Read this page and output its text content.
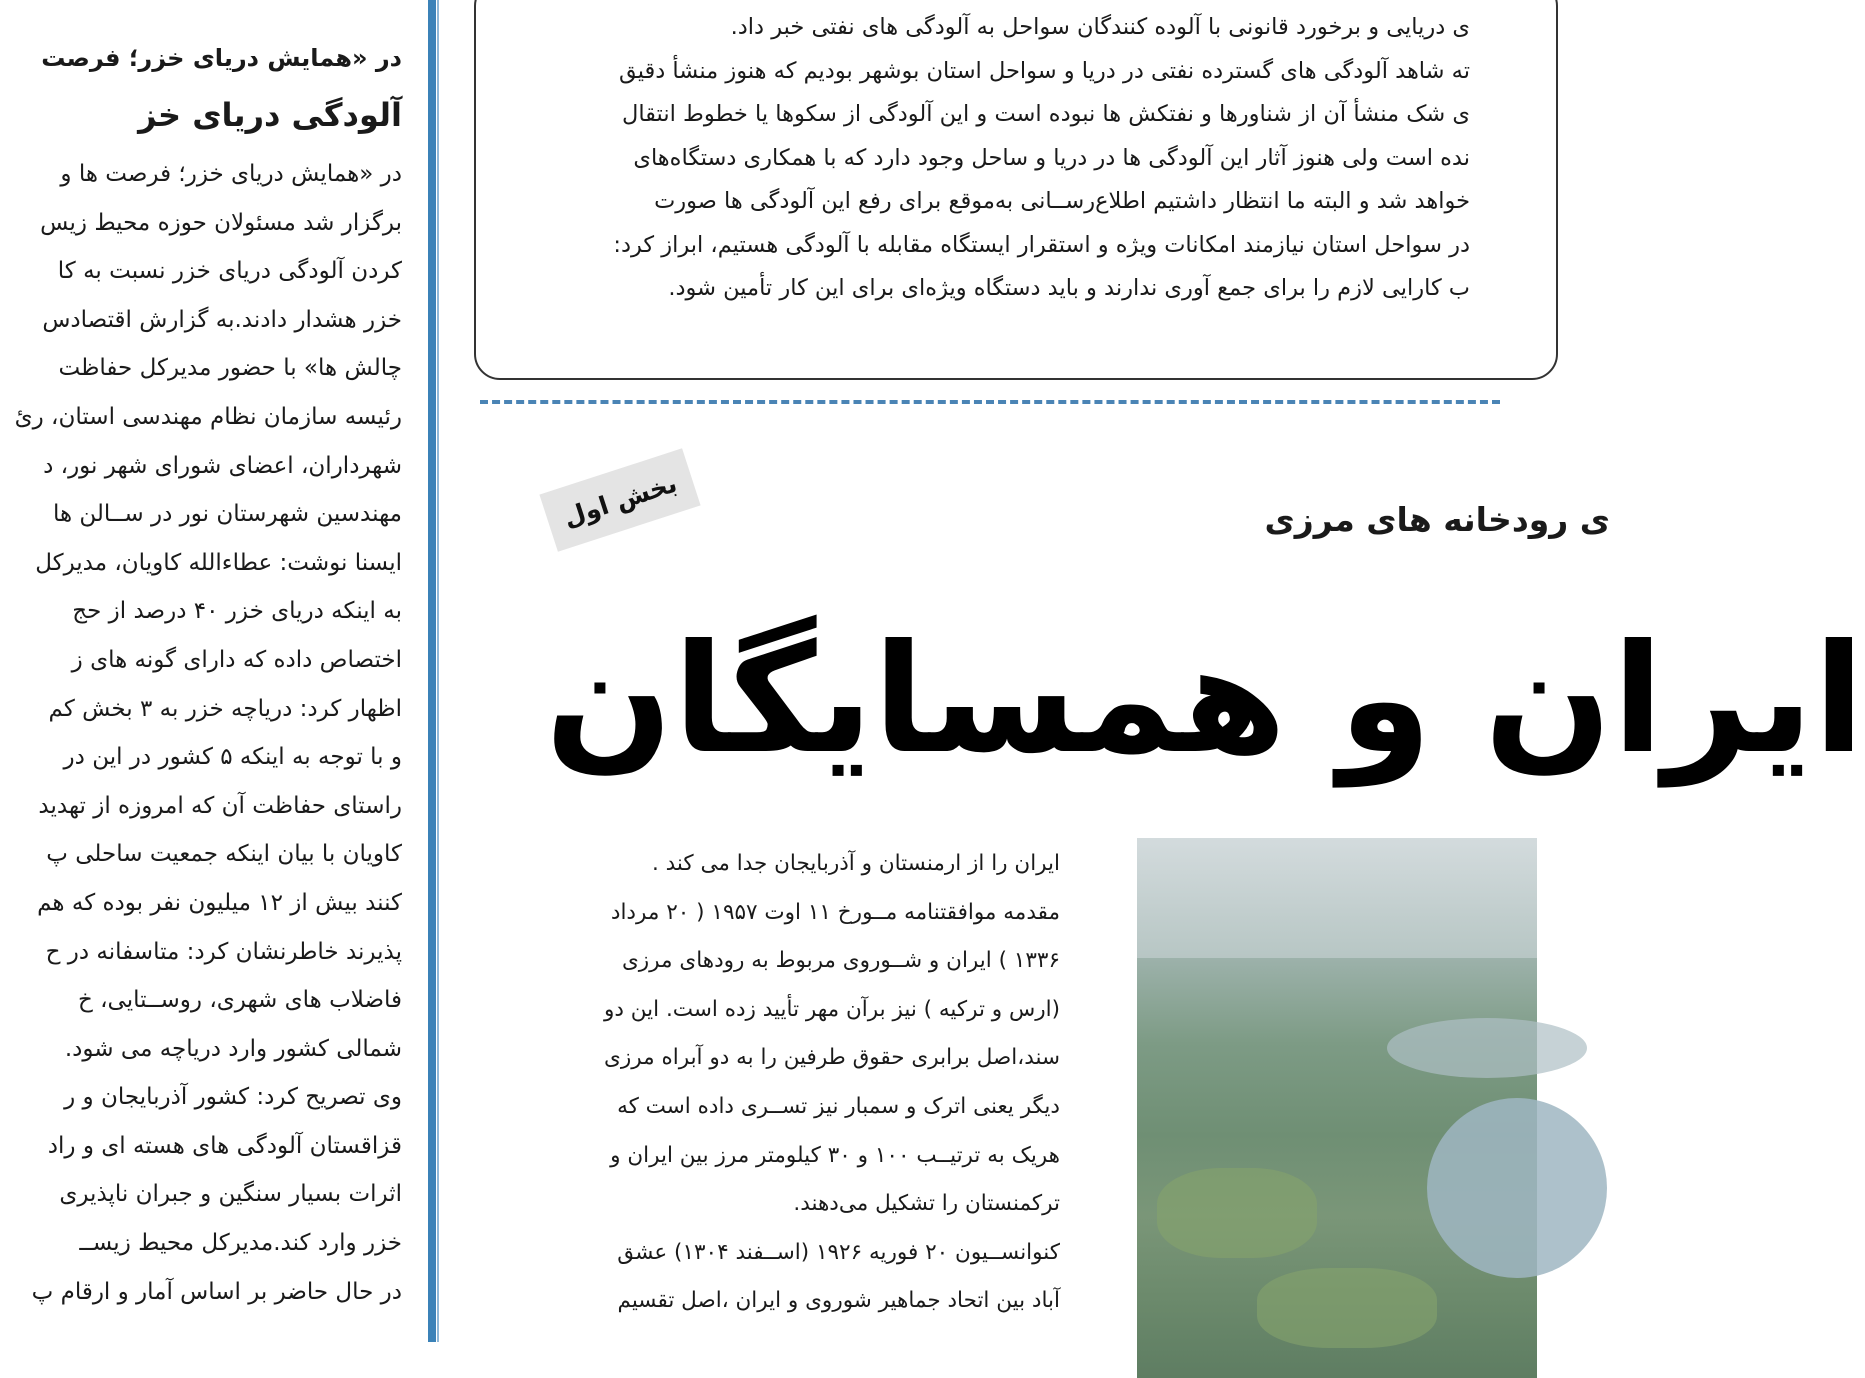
در «همایش دریای خزر؛ فرصت
آلودگی دریای خز
در «همایش دریای خزر؛ فرصت ها و
برگزار شد مسئولان حوزه محیط زیس
کردن آلودگی دریای خزر نسبت به کا
خزر هشدار دادند.به گزارش اقتصادس
چالش ها» با حضور مدیرکل حفاظت
رئیسه سازمان نظام مهندسی استان، رئ
شهرداران، اعضای شورای شهر نور، د
مهندسین شهرستان نور در ســالن ها
ایسنا نوشت: عطاءالله کاویان، مدیرکل
به اینکه دریای خزر ۴۰ درصد از حج
اختصاص داده که دارای گونه های ز
اظهار کرد: دریاچه خزر به ۳ بخش کم
و با توجه به اینکه ۵ کشور در این در
راستای حفاظت آن که امروزه از تهدید
کاویان با بیان اینکه جمعیت ساحلی پ
کنند بیش از ۱۲ میلیون نفر بوده که هم
پذیرند خاطرنشان کرد: متاسفانه در ح
فاضلاب های شهری، روســتایی، خ
شمالی کشور وارد دریاچه می شود.
وی تصریح کرد: کشور آذربایجان و ر
قزاقستان آلودگی های هسته ای و راد
اثرات بسیار سنگین و جبران ناپذیری
خزر وارد کند.مدیرکل محیط زیســ
در حال حاضر بر اساس آمار و ارقام پ
ی دریایی و برخورد قانونی با آلوده کنندگان سواحل به آلودگی های نفتی خبر داد.
ته شاهد آلودگی های گسترده نفتی در دریا و سواحل استان بوشهر بودیم که هنوز منشأ دقیق
ی شک منشأ آن از شناورها و نفتکش ها نبوده است و این آلودگی از سکوها یا خطوط انتقال
نده است ولی هنوز آثار این آلودگی ها در دریا و ساحل وجود دارد که با همکاری دستگاه‌های
خواهد شد و البته ما انتظار داشتیم اطلاع‌رســانی به‌موقع برای رفع این آلودگی ها صورت
در سواحل استان نیازمند امکانات ویژه و استقرار ایستگاه مقابله با آلودگی هستیم، ابراز کرد:
ب کارایی لازم را برای جمع آوری ندارند و باید دستگاه ویژه‌ای برای این کار تأمین شود.
بخش اول	ی رودخانه های مرزی
ایران و همسایگان
ایران را از ارمنستان و آذربایجان جدا می کند .
مقدمه موافقتنامه مــورخ ۱۱ اوت ۱۹۵۷ ( ۲۰ مرداد
۱۳۳۶ ) ایران و شــوروی مربوط به رودهای مرزی
(ارس و ترکیه ) نیز برآن مهر تأیید زده است. این دو
سند،اصل برابری حقوق طرفین را به دو آبراه مرزی
دیگر یعنی اترک و سمبار نیز تســری داده است که
هریک به ترتیــب ۱۰۰ و ۳۰ کیلومتر مرز بین ایران و
ترکمنستان را تشکیل می‌دهند.
کنوانســیون ۲۰ فوریه ۱۹۲۶ (اســفند ۱۳۰۴) عشق
آباد بین اتحاد جماهیر شوروی و ایران ،اصل تقسیم
